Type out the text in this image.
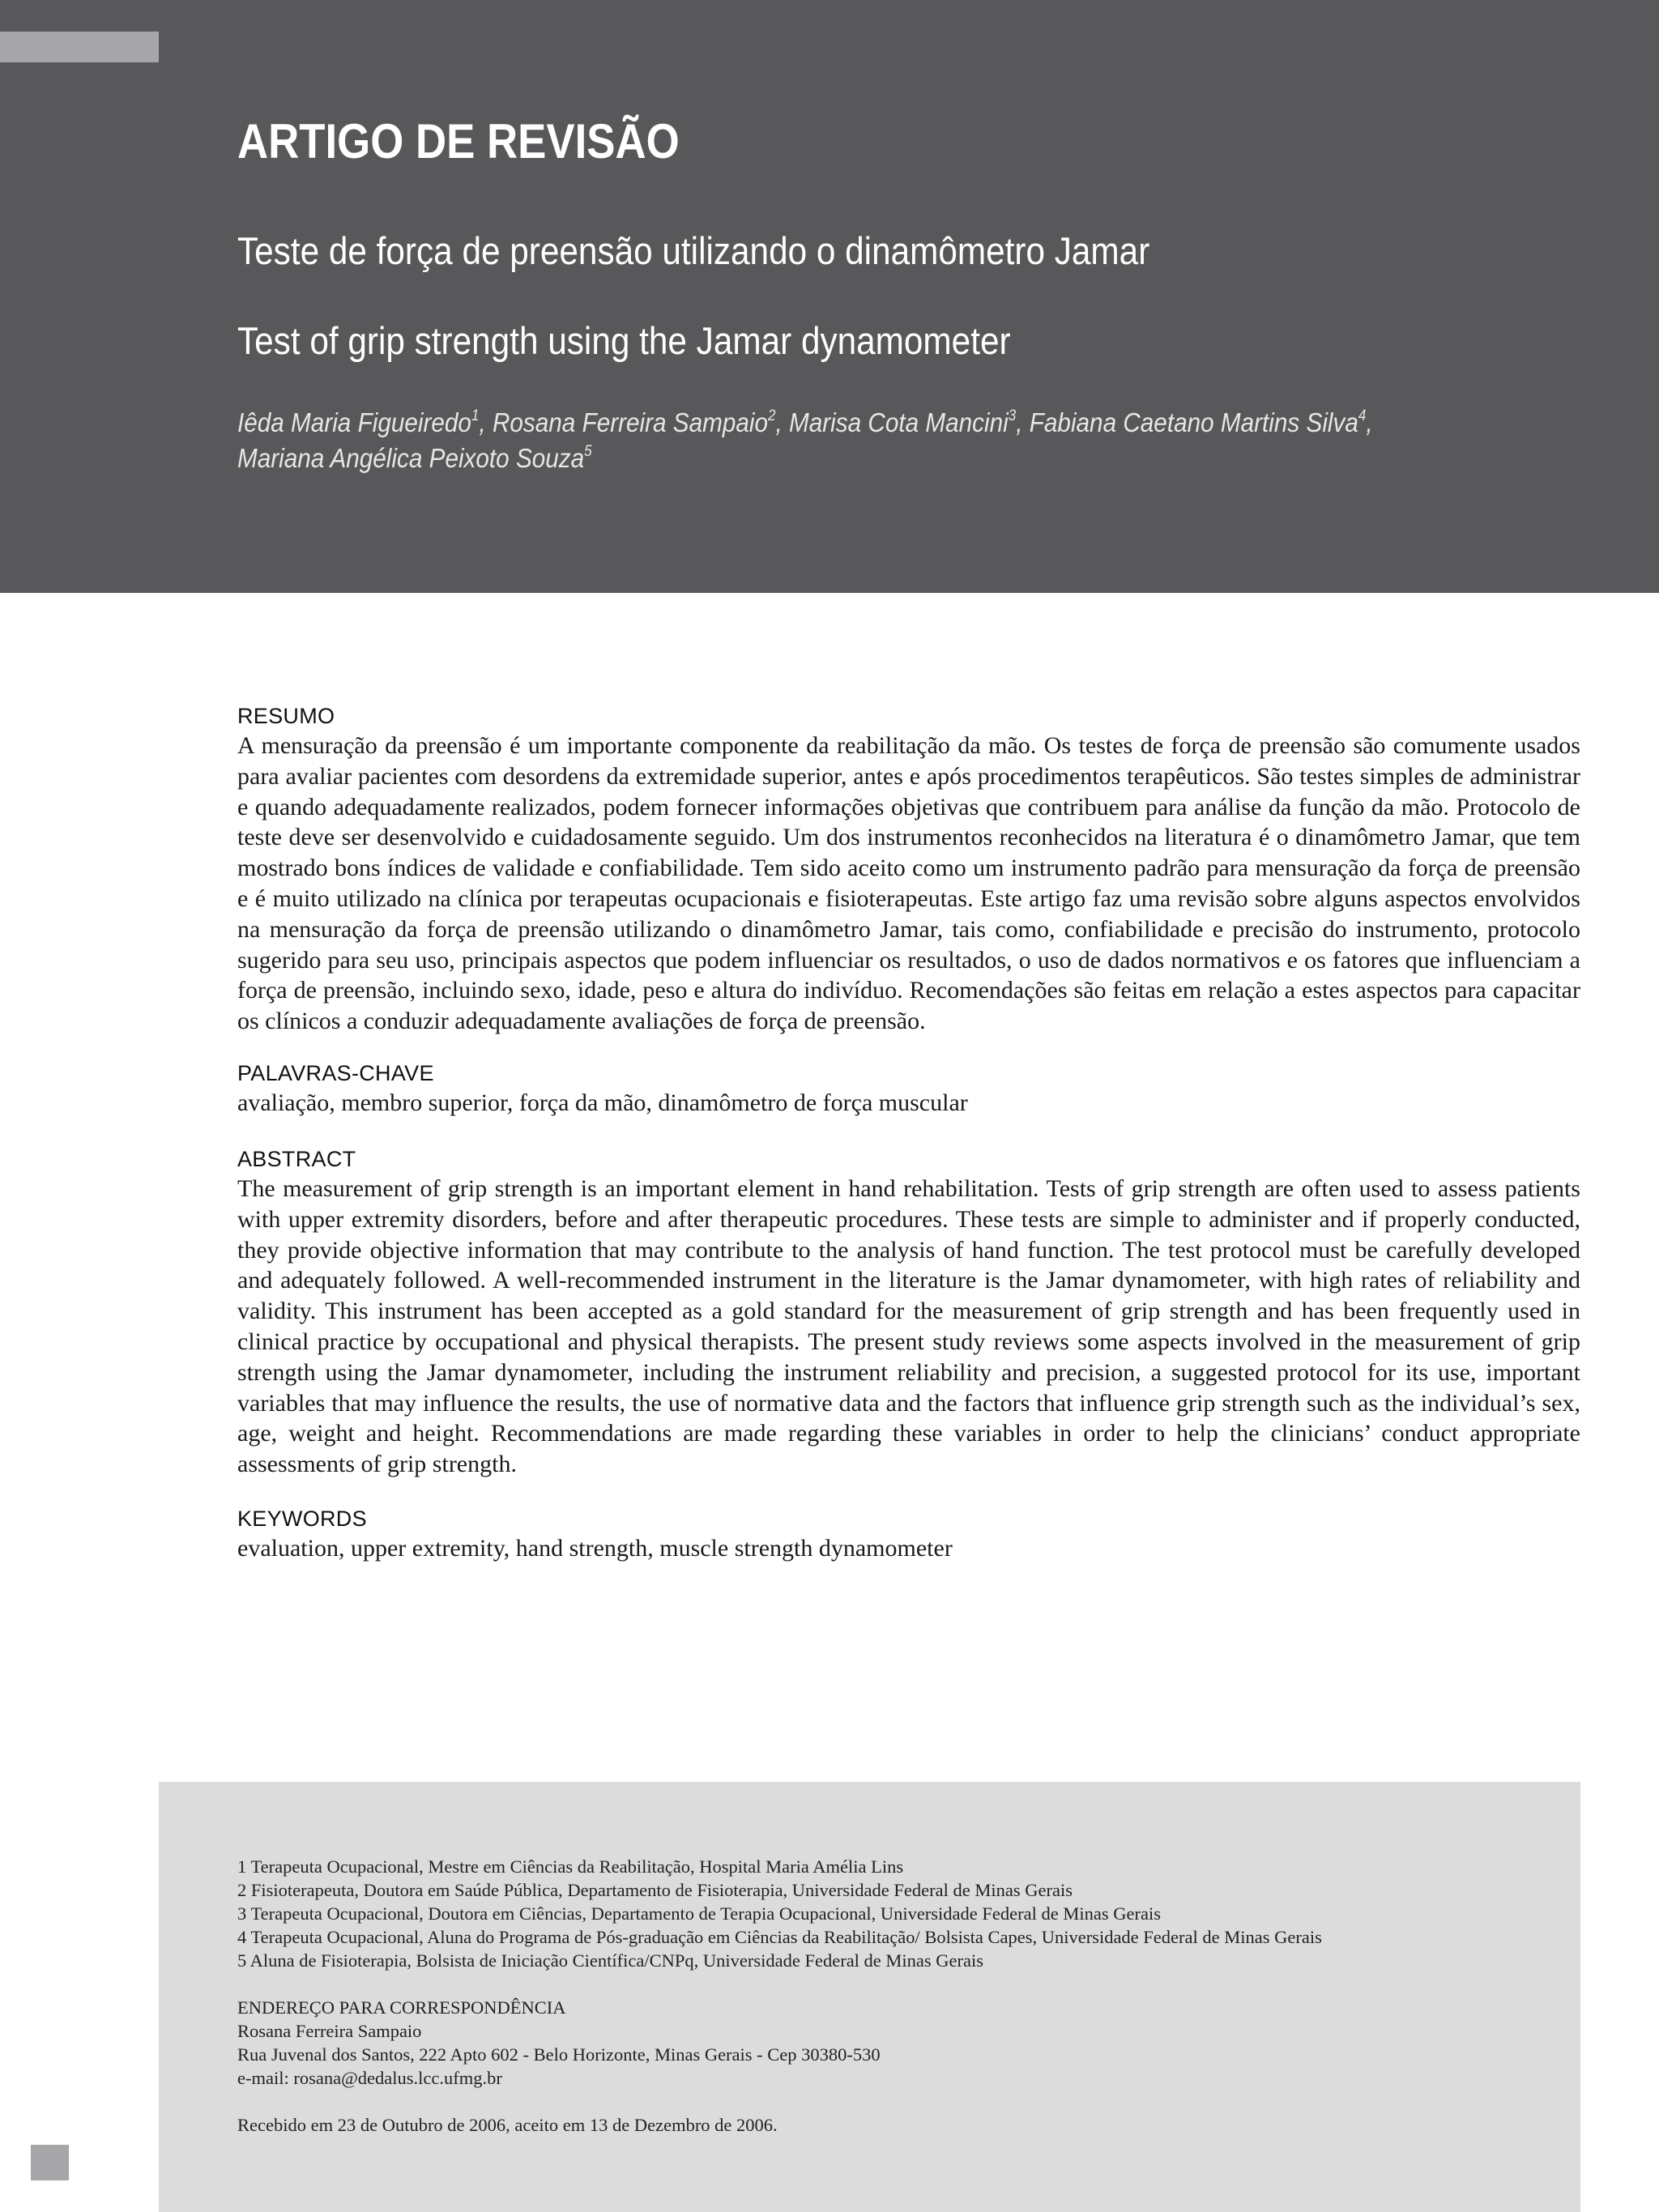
ARTIGO DE REVISÃO
Teste de força de preensão utilizando o dinamômetro Jamar
Test of grip strength using the Jamar dynamometer
Iêda Maria Figueiredo$^1$, Rosana Ferreira Sampaio$^2$, Marisa Cota Mancini$^3$, Fabiana Caetano Martins Silva$^4$,
Mariana Angélica Peixoto Souza$^5$

RESUMO

A mensuração da preensão é um importante componente da reabilitação da mão. Os testes de força de preensão são comumente usados para avaliar pacientes com desordens da extremidade superior, antes e após procedimentos terapêuticos. São testes simples de administrar e quando adequadamente realizados, podem fornecer informações objetivas que contribuem para análise da função da mão. Protocolo de teste deve ser desenvolvido e cuidadosamente seguido. Um dos instrumentos reconhecidos na literatura é o dinamômetro Jamar, que tem mostrado bons índices de validade e confiabilidade. Tem sido aceito como um instrumento padrão para mensuração da força de preensão e é muito utilizado na clínica por terapeutas ocupacionais e fisioterapeutas. Este artigo faz uma revisão sobre alguns aspectos envolvidos na mensuração da força de preensão utilizando o dinamômetro Jamar, tais como, confiabilidade e precisão do instrumento, protocolo sugerido para seu uso, principais aspectos que podem influenciar os resultados, o uso de dados normativos e os fatores que influenciam a força de preensão, incluindo sexo, idade, peso e altura do indivíduo. Recomendações são feitas em relação a estes aspectos para capacitar os clínicos a conduzir adequadamente avaliações de força de preensão.

PALAVRAS-CHAVE

avaliação, membro superior, força da mão, dinamômetro de força muscular

ABSTRACT

The measurement of grip strength is an important element in hand rehabilitation. Tests of grip strength are often used to assess patients with upper extremity disorders, before and after therapeutic procedures. These tests are simple to administer and if properly conducted, they provide objective information that may contribute to the analysis of hand function. The test protocol must be carefully developed and adequately followed. A well-recommended instrument in the literature is the Jamar dynamometer, with high rates of reliability and validity. This instrument has been accepted as a gold standard for the measurement of grip strength and has been frequently used in clinical practice by occupational and physical therapists. The present study reviews some aspects involved in the measurement of grip strength using the Jamar dynamometer, including the instrument reliability and precision, a suggested protocol for its use, important variables that may influence the results, the use of normative data and the factors that influence grip strength such as the individual’s sex, age, weight and height. Recommendations are made regarding these variables in order to help the clinicians’ conduct appropriate assessments of grip strength.

KEYWORDS

evaluation, upper extremity, hand strength, muscle strength dynamometer

1 Terapeuta Ocupacional, Mestre em Ciências da Reabilitação, Hospital Maria Amélia Lins

2 Fisioterapeuta, Doutora em Saúde Pública, Departamento de Fisioterapia, Universidade Federal de Minas Gerais

3 Terapeuta Ocupacional, Doutora em Ciências, Departamento de Terapia Ocupacional, Universidade Federal de Minas Gerais

4 Terapeuta Ocupacional, Aluna do Programa de Pós-graduação em Ciências da Reabilitação/ Bolsista Capes, Universidade Federal de Minas Gerais

5 Aluna de Fisioterapia, Bolsista de Iniciação Científica/CNPq, Universidade Federal de Minas Gerais

ENDEREÇO PARA CORRESPONDÊNCIA

Rosana Ferreira Sampaio

Rua Juvenal dos Santos, 222 Apto 602 - Belo Horizonte, Minas Gerais - Cep 30380-530

e-mail: rosana@dedalus.lcc.ufmg.br

Recebido em 23 de Outubro de 2006, aceito em 13 de Dezembro de 2006.
